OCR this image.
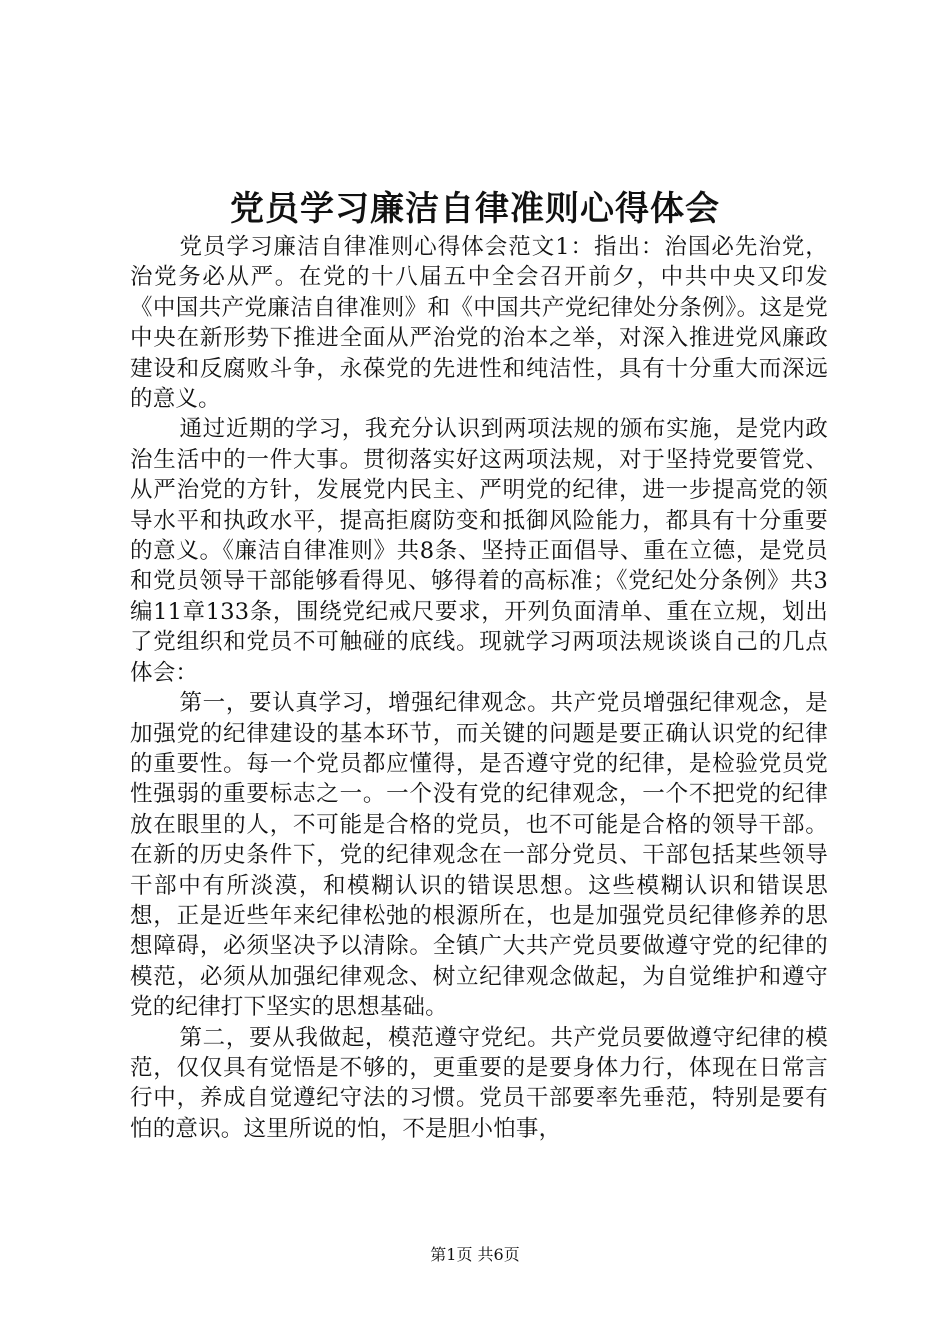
党员学习廉洁自律准则心得体会

党员学习廉洁自律准则心得体会范文1：指出：治国必先治党，治党务必从严。在党的十八届五中全会召开前夕，中共中央又印发《中国共产党廉洁自律准则》和《中国共产党纪律处分条例》。这是党中央在新形势下推进全面从严治党的治本之举，对深入推进党风廉政建设和反腐败斗争，永葆党的先进性和纯洁性，具有十分重大而深远的意义。

通过近期的学习，我充分认识到两项法规的颁布实施，是党内政治生活中的一件大事。贯彻落实好这两项法规，对于坚持党要管党、从严治党的方针，发展党内民主、严明党的纪律，进一步提高党的领导水平和执政水平，提高拒腐防变和抵御风险能力，都具有十分重要的意义。《廉洁自律准则》共8条、坚持正面倡导、重在立德，是党员和党员领导干部能够看得见、够得着的高标准；《党纪处分条例》共3编11章133条，围绕党纪戒尺要求，开列负面清单、重在立规，划出了党组织和党员不可触碰的底线。现就学习两项法规谈谈自己的几点体会：

第一，要认真学习，增强纪律观念。共产党员增强纪律观念，是加强党的纪律建设的基本环节，而关键的问题是要正确认识党的纪律的重要性。每一个党员都应懂得，是否遵守党的纪律，是检验党员党性强弱的重要标志之一。一个没有党的纪律观念，一个不把党的纪律放在眼里的人，不可能是合格的党员，也不可能是合格的领导干部。在新的历史条件下，党的纪律观念在一部分党员、干部包括某些领导干部中有所淡漠，和模糊认识的错误思想。这些模糊认识和错误思想，正是近些年来纪律松弛的根源所在，也是加强党员纪律修养的思想障碍，必须坚决予以清除。全镇广大共产党员要做遵守党的纪律的模范，必须从加强纪律观念、树立纪律观念做起，为自觉维护和遵守党的纪律打下坚实的思想基础。

第二，要从我做起，模范遵守党纪。共产党员要做遵守纪律的模范，仅仅具有觉悟是不够的，更重要的是要身体力行，体现在日常言行中，养成自觉遵纪守法的习惯。党员干部要率先垂范，特别是要有怕的意识。这里所说的怕，不是胆小怕事，

第1页 共6页
